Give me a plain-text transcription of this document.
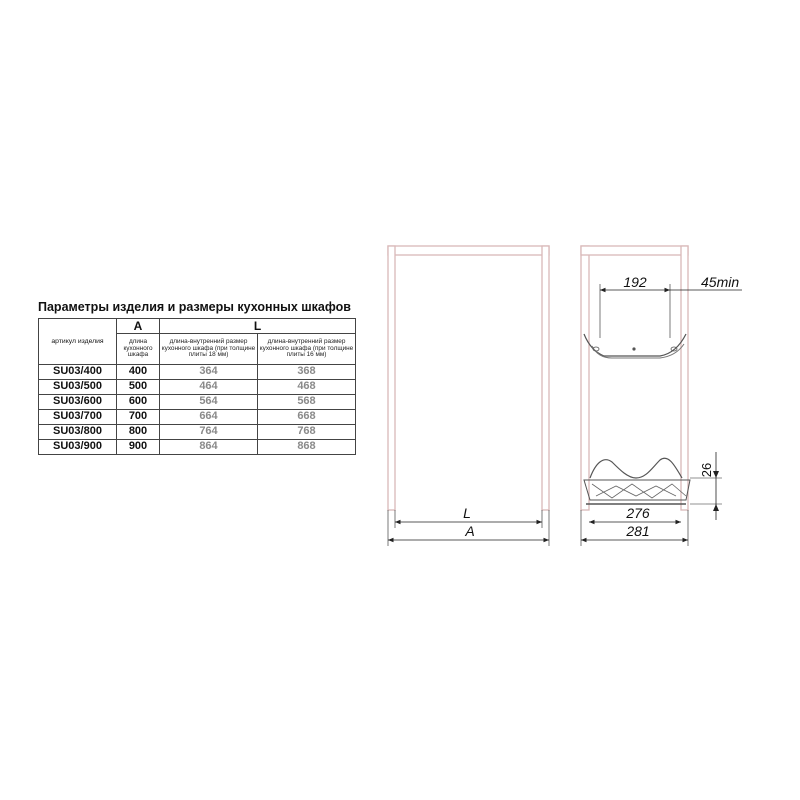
Параметры изделия и размеры кухонных шкафов
артикул изделия	A	L	
	длина кухонного шкафа	длина-внутренний размер кухонного шкафа (при толщине плиты 18 мм)	длина-внутренний размер кухонного шкафа (при толщине плиты 16 мм)
SU03/400	400	364	368
SU03/500	500	464	468
SU03/600	600	564	568
SU03/700	700	664	668
SU03/800	800	764	768
SU03/900	900	864	868
L
A
192	45min
26
276
281
